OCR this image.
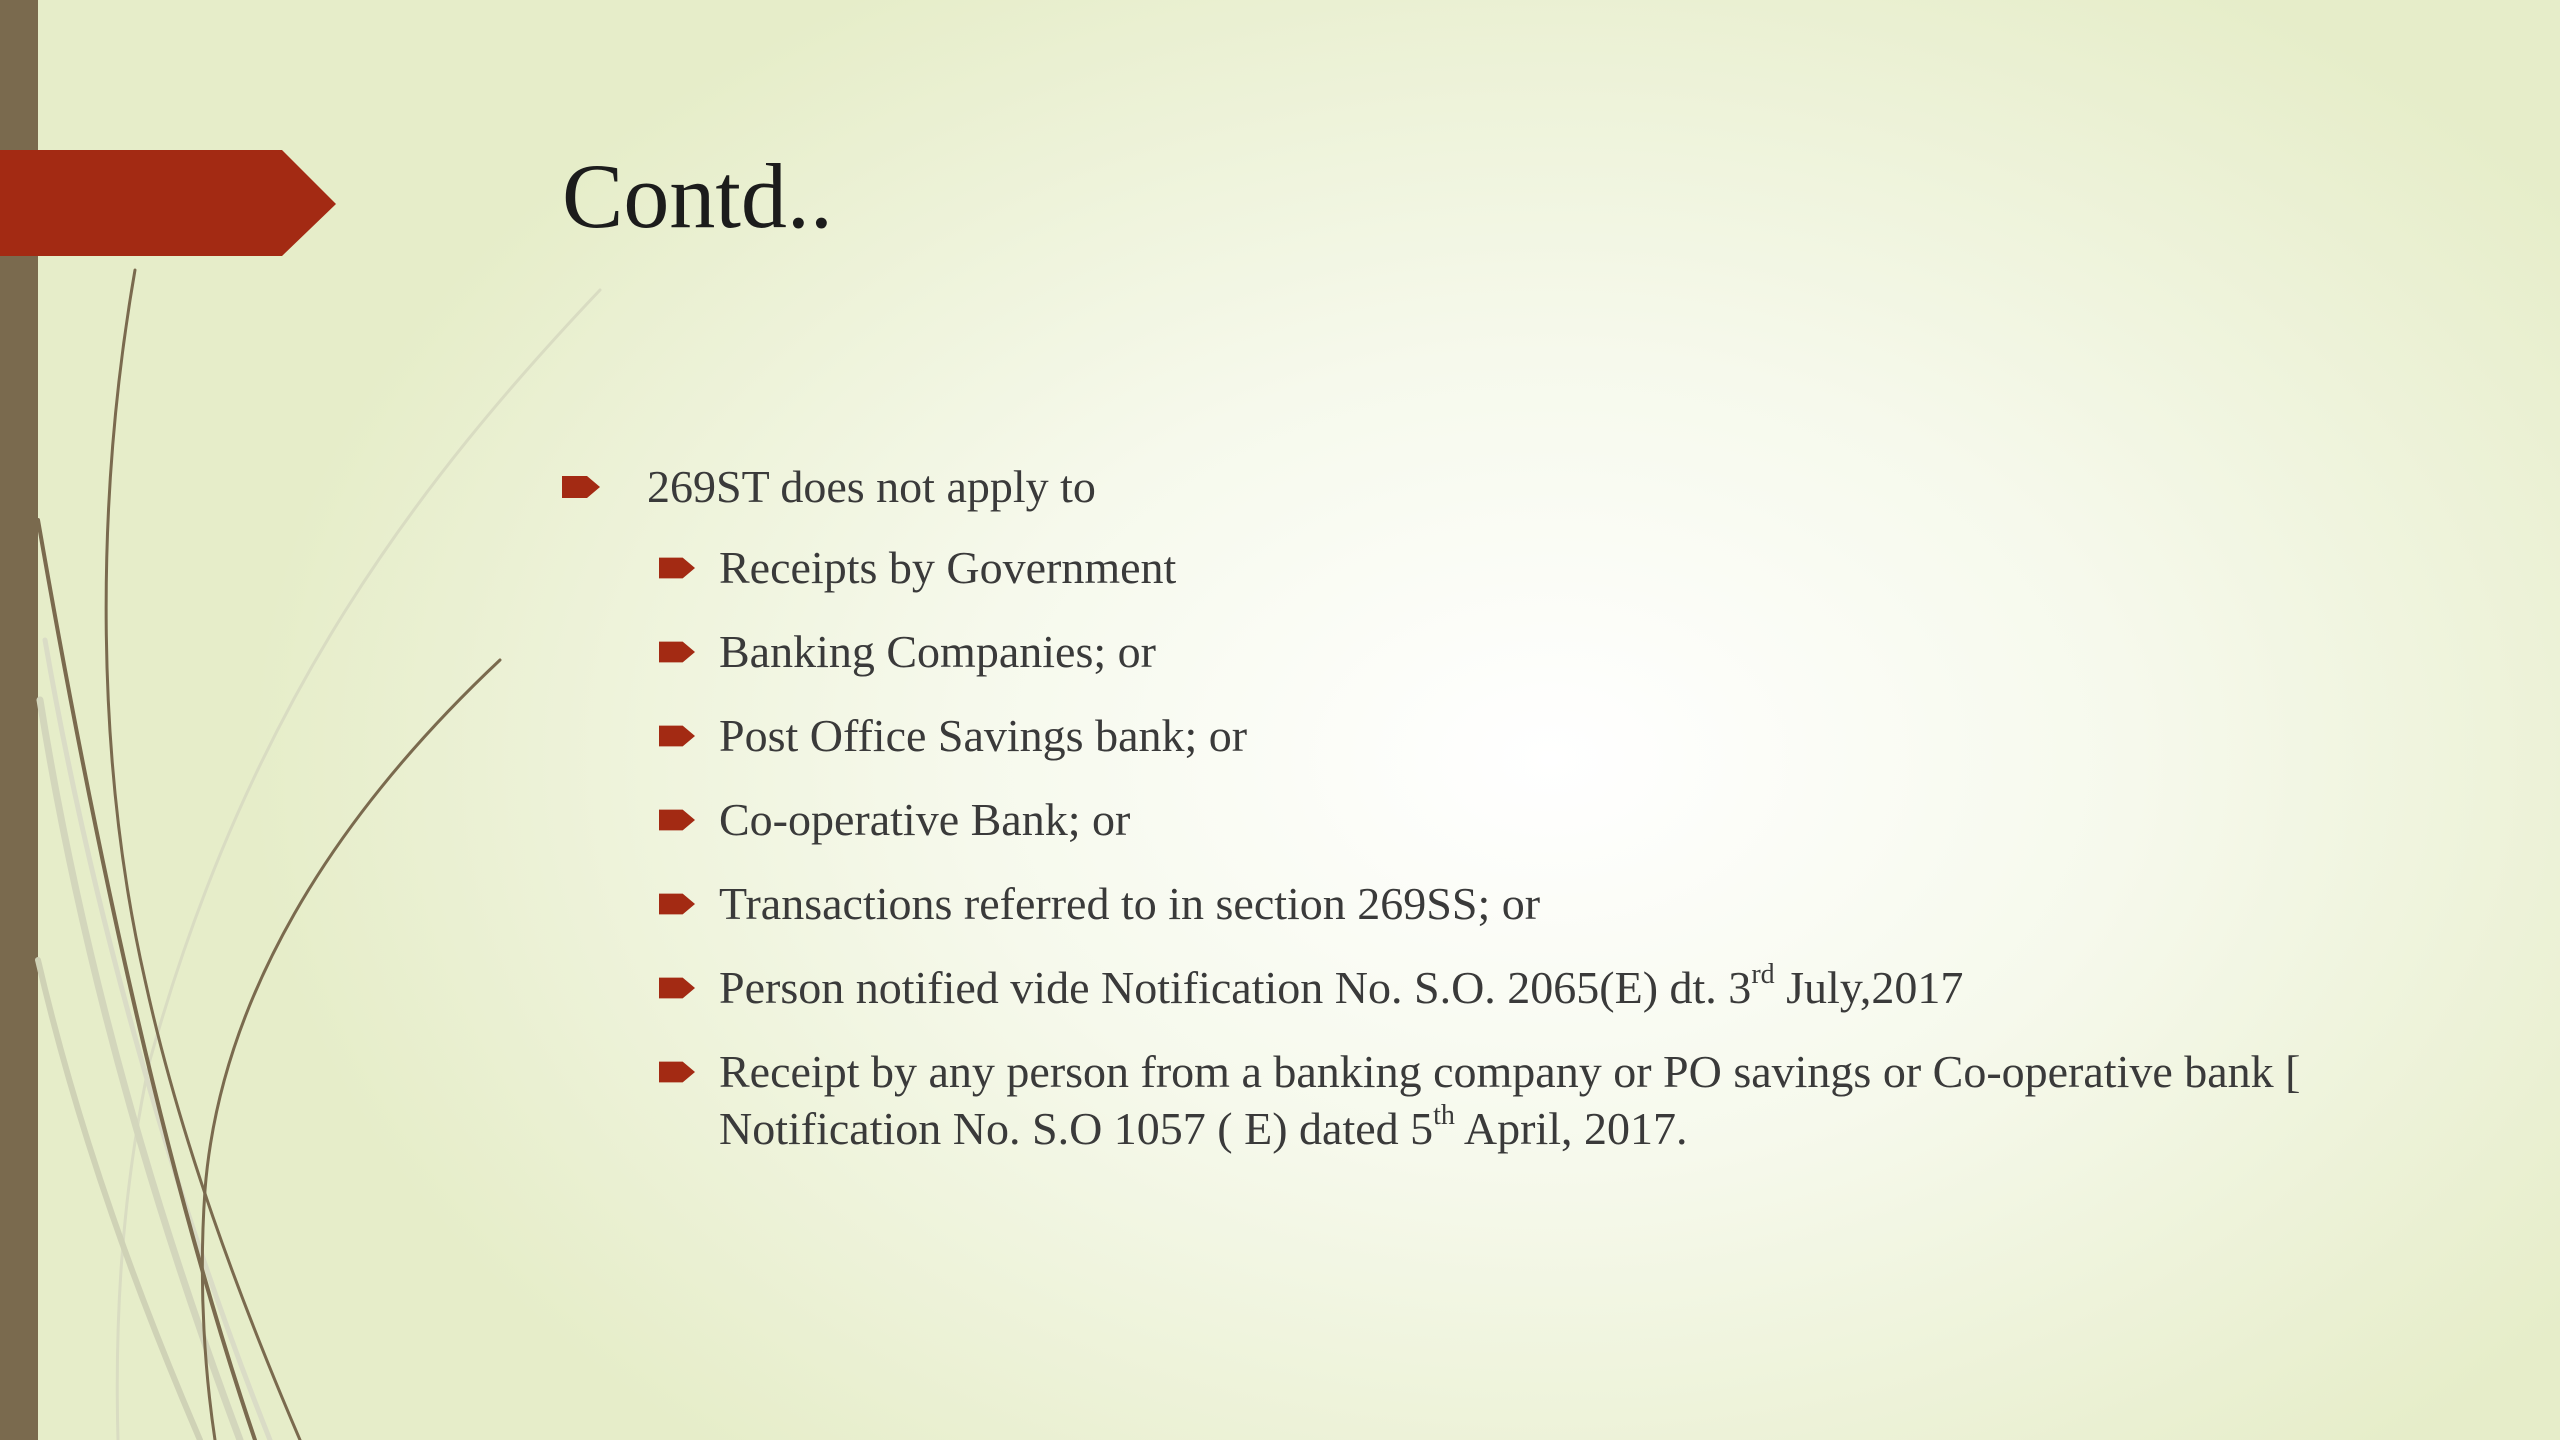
Contd..
269ST does not apply to
Receipts by Government
Banking Companies; or
Post Office Savings bank; or
Co-operative Bank; or
Transactions referred to in section 269SS; or
Person notified vide Notification No. S.O. 2065(E) dt. 3rd July,2017
Receipt by any person from a banking company or PO savings or Co-operative bank [ Notification No. S.O 1057 ( E) dated 5th April, 2017.
